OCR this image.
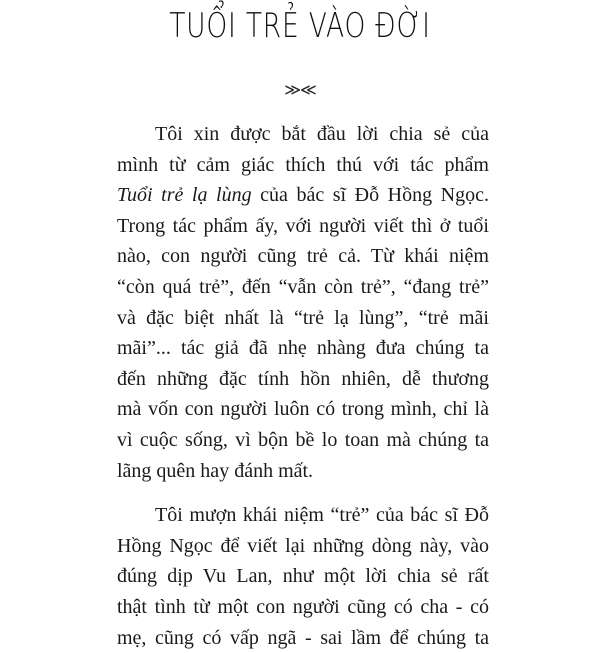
TUỔI TRẺ VÀO ĐỜI
≫≪
Tôi xin được bắt đầu lời chia sẻ của
mình từ cảm giác thích thú với tác phẩm
Tuổi trẻ lạ lùng của bác sĩ Đỗ Hồng Ngọc.
Trong tác phẩm ấy, với người viết thì ở tuổi
nào, con người cũng trẻ cả. Từ khái niệm
“còn quá trẻ”, đến “vẫn còn trẻ”, “đang trẻ”
và đặc biệt nhất là “trẻ lạ lùng”, “trẻ mãi
mãi”... tác giả đã nhẹ nhàng đưa chúng ta
đến những đặc tính hồn nhiên, dễ thương
mà vốn con người luôn có trong mình, chỉ là
vì cuộc sống, vì bộn bề lo toan mà chúng ta
lãng quên hay đánh mất.
Tôi mượn khái niệm “trẻ” của bác sĩ Đỗ
Hồng Ngọc để viết lại những dòng này, vào
đúng dịp Vu Lan, như một lời chia sẻ rất
thật tình từ một con người cũng có cha - có
mẹ, cũng có vấp ngã - sai lầm để chúng ta
